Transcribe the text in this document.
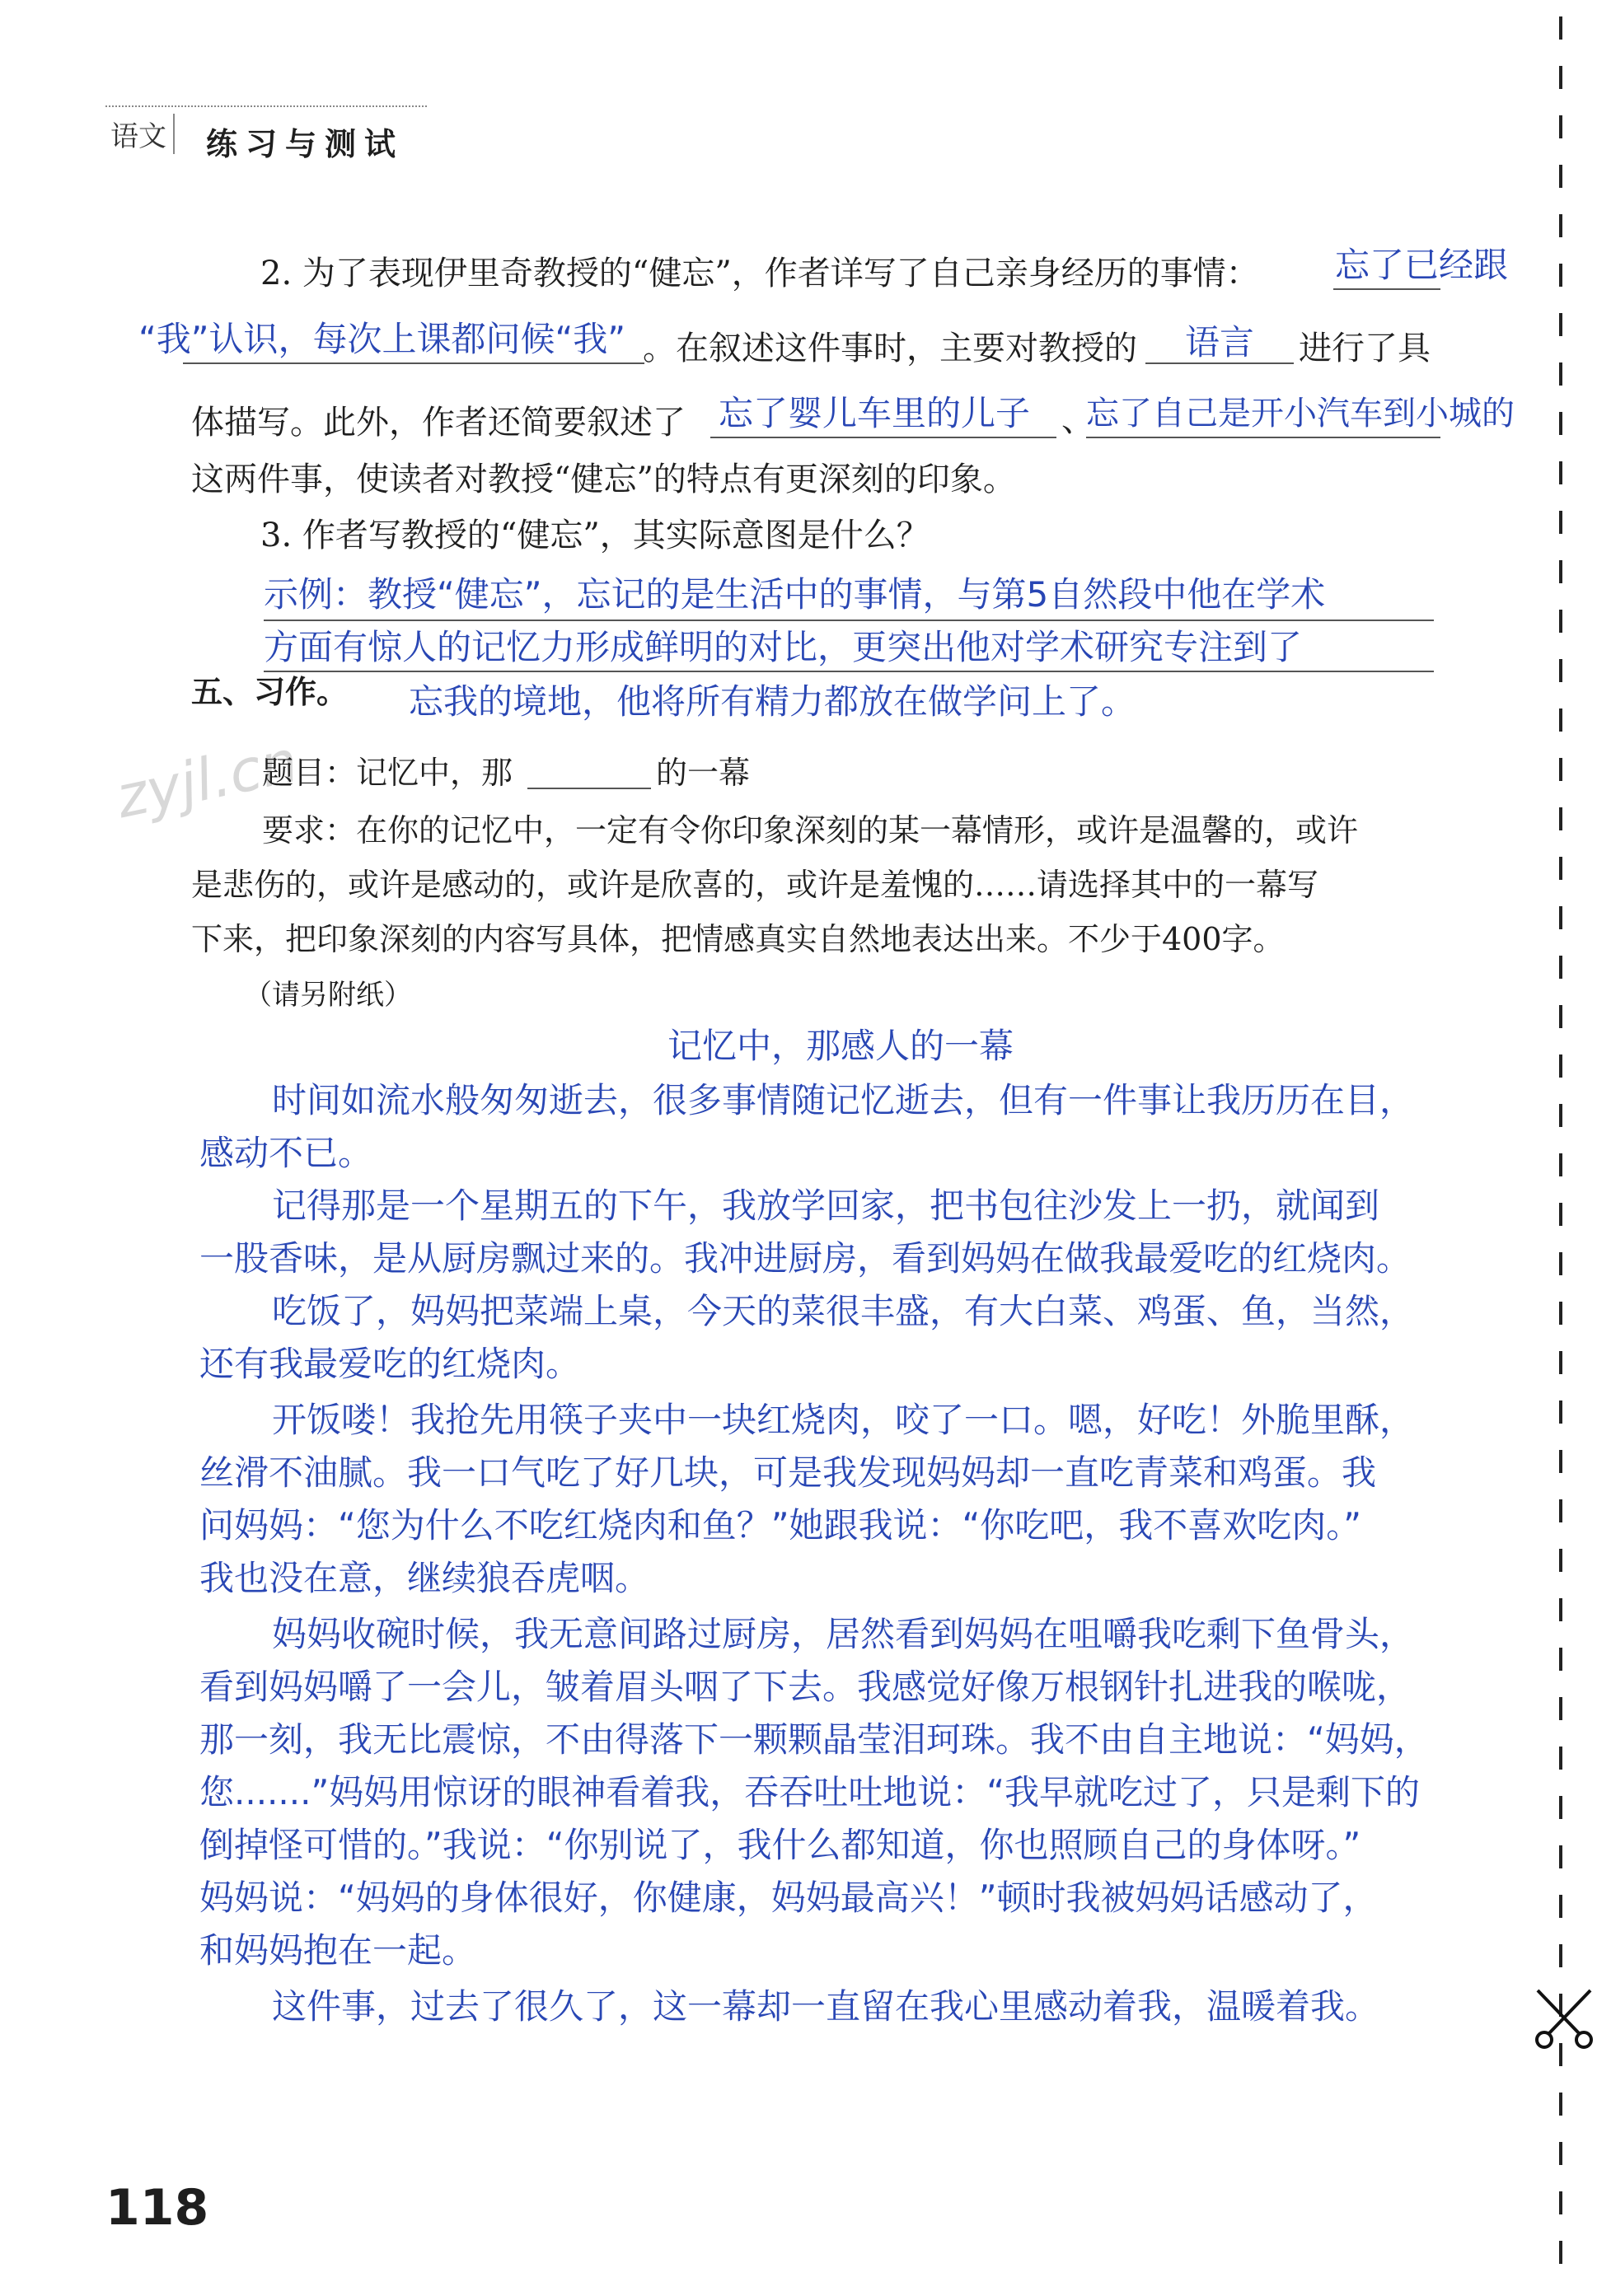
语文 练习与测试
2. 为了表现伊里奇教授的“健忘”，作者详写了自己亲身经历的事情： 忘了已经跟
“我”认识，每次上课都问候“我” 。在叙述这件事时，主要对教授的 语言 进行了具
体描写。此外，作者还简要叙述了 忘了婴儿车里的儿子 、
忘了自己是开小汽车到小城的
这两件事，使读者对教授“健忘”的特点有更深刻的印象。
3. 作者写教授的“健忘”，其实际意图是什么？
示例：教授“健忘”，忘记的是生活中的事情，与第5自然段中他在学术
方面有惊人的记忆力形成鲜明的对比，更突出他对学术研究专注到了
忘我的境地，他将所有精力都放在做学问上了。
五、习作。
zyjl.cn
题目：记忆中，那	的一幕
要求：在你的记忆中，一定有令你印象深刻的某一幕情形，或许是温馨的，或许
是悲伤的，或许是感动的，或许是欣喜的，或许是羞愧的……请选择其中的一幕写
下来，把印象深刻的内容写具体，把情感真实自然地表达出来。不少于400字。
（请另附纸）
记忆中，那感人的一幕

时间如流水般匆匆逝去，很多事情随记忆逝去，但有一件事让我历历在目，

感动不已。

记得那是一个星期五的下午，我放学回家，把书包往沙发上一扔，就闻到

一股香味，是从厨房飘过来的。我冲进厨房，看到妈妈在做我最爱吃的红烧肉。

吃饭了，妈妈把菜端上桌，今天的菜很丰盛，有大白菜、鸡蛋、鱼，当然，

还有我最爱吃的红烧肉。

开饭喽！我抢先用筷子夹中一块红烧肉，咬了一口。嗯，好吃！外脆里酥，

丝滑不油腻。我一口气吃了好几块，可是我发现妈妈却一直吃青菜和鸡蛋。我

问妈妈：“您为什么不吃红烧肉和鱼？”她跟我说：“你吃吧，我不喜欢吃肉。”

我也没在意，继续狼吞虎咽。

妈妈收碗时候，我无意间路过厨房，居然看到妈妈在咀嚼我吃剩下鱼骨头，

看到妈妈嚼了一会儿，皱着眉头咽了下去。我感觉好像万根钢针扎进我的喉咙，

那一刻，我无比震惊，不由得落下一颗颗晶莹泪珂珠。我不由自主地说：“妈妈，

您.......”妈妈用惊讶的眼神看着我，吞吞吐吐地说：“我早就吃过了，只是剩下的

倒掉怪可惜的。”我说：“你别说了，我什么都知道，你也照顾自己的身体呀。”

妈妈说：“妈妈的身体很好，你健康，妈妈最高兴！”顿时我被妈妈话感动了，

和妈妈抱在一起。

这件事，过去了很久了，这一幕却一直留在我心里感动着我，温暖着我。

118
